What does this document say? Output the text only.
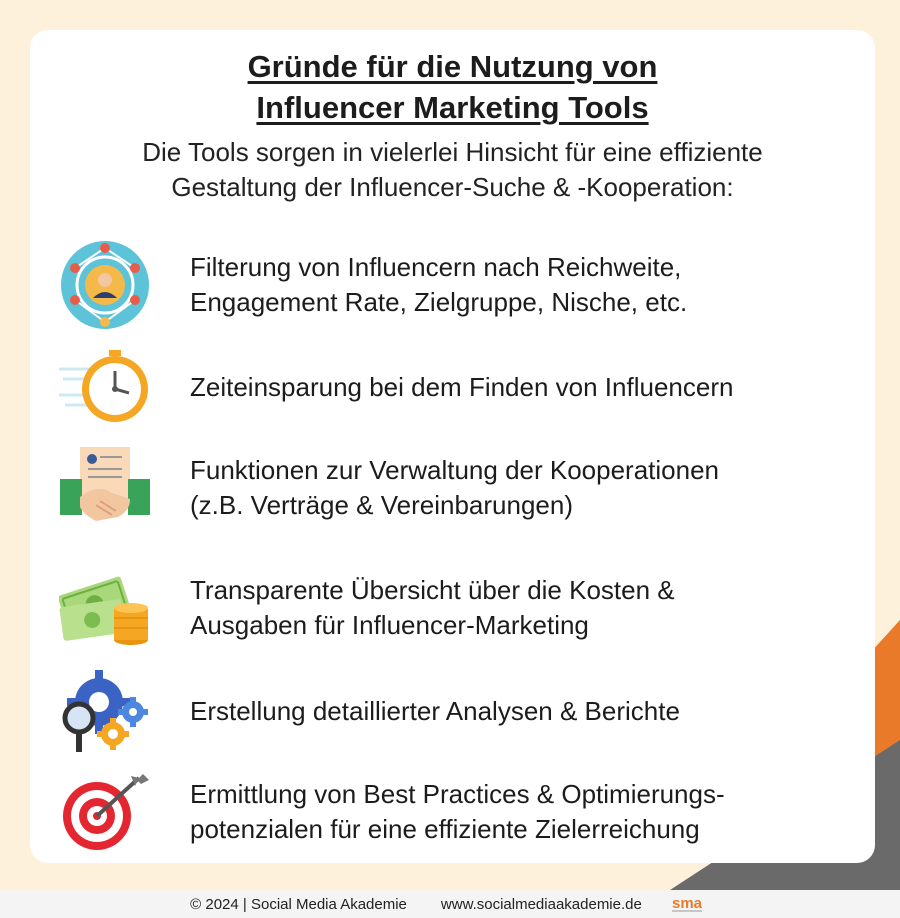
Gründe für die Nutzung von
Influencer Marketing Tools
Die Tools sorgen in vielerlei Hinsicht für eine effiziente
Gestaltung der Influencer-Suche & -Kooperation:
Filterung von Influencern nach Reichweite,
Engagement Rate, Zielgruppe, Nische, etc.
Zeiteinsparung bei dem Finden von Influencern
Funktionen zur Verwaltung der Kooperationen
(z.B. Verträge & Vereinbarungen)
Transparente Übersicht über die Kosten &
Ausgaben für Influencer-Marketing
Erstellung detaillierter Analysen & Berichte
Ermittlung von Best Practices & Optimierungs-
potenzialen für eine effiziente Zielerreichung
© 2024 | Social Media Akademie www.socialmediaakademie.de sma
